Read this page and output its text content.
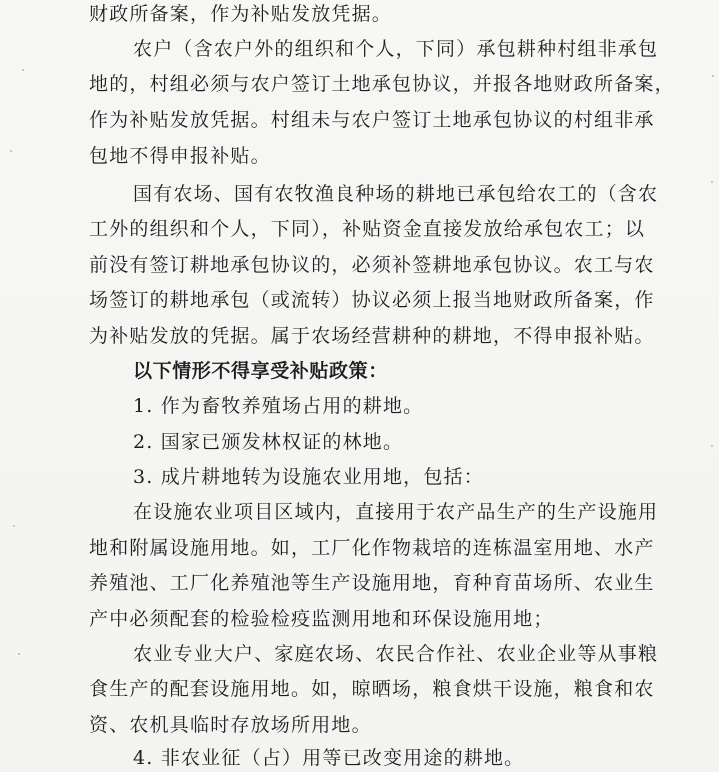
财政所备案，作为补贴发放凭据。
农户（含农户外的组织和个人，下同）承包耕种村组非承包
地的，村组必须与农户签订土地承包协议，并报各地财政所备案，
作为补贴发放凭据。村组未与农户签订土地承包协议的村组非承
包地不得申报补贴。
国有农场、国有农牧渔良种场的耕地已承包给农工的（含农
工外的组织和个人，下同），补贴资金直接发放给承包农工；以
前没有签订耕地承包协议的，必须补签耕地承包协议。农工与农
场签订的耕地承包（或流转）协议必须上报当地财政所备案，作
为补贴发放的凭据。属于农场经营耕种的耕地，不得申报补贴。
以下情形不得享受补贴政策：
1. 作为畜牧养殖场占用的耕地。
2. 国家已颁发林权证的林地。
3. 成片耕地转为设施农业用地，包括：
在设施农业项目区域内，直接用于农产品生产的生产设施用
地和附属设施用地。如，工厂化作物栽培的连栋温室用地、水产
养殖池、工厂化养殖池等生产设施用地，育种育苗场所、农业生
产中必须配套的检验检疫监测用地和环保设施用地；
农业专业大户、家庭农场、农民合作社、农业企业等从事粮
食生产的配套设施用地。如，晾晒场，粮食烘干设施，粮食和农
资、农机具临时存放场所用地。
4. 非农业征（占）用等已改变用途的耕地。
